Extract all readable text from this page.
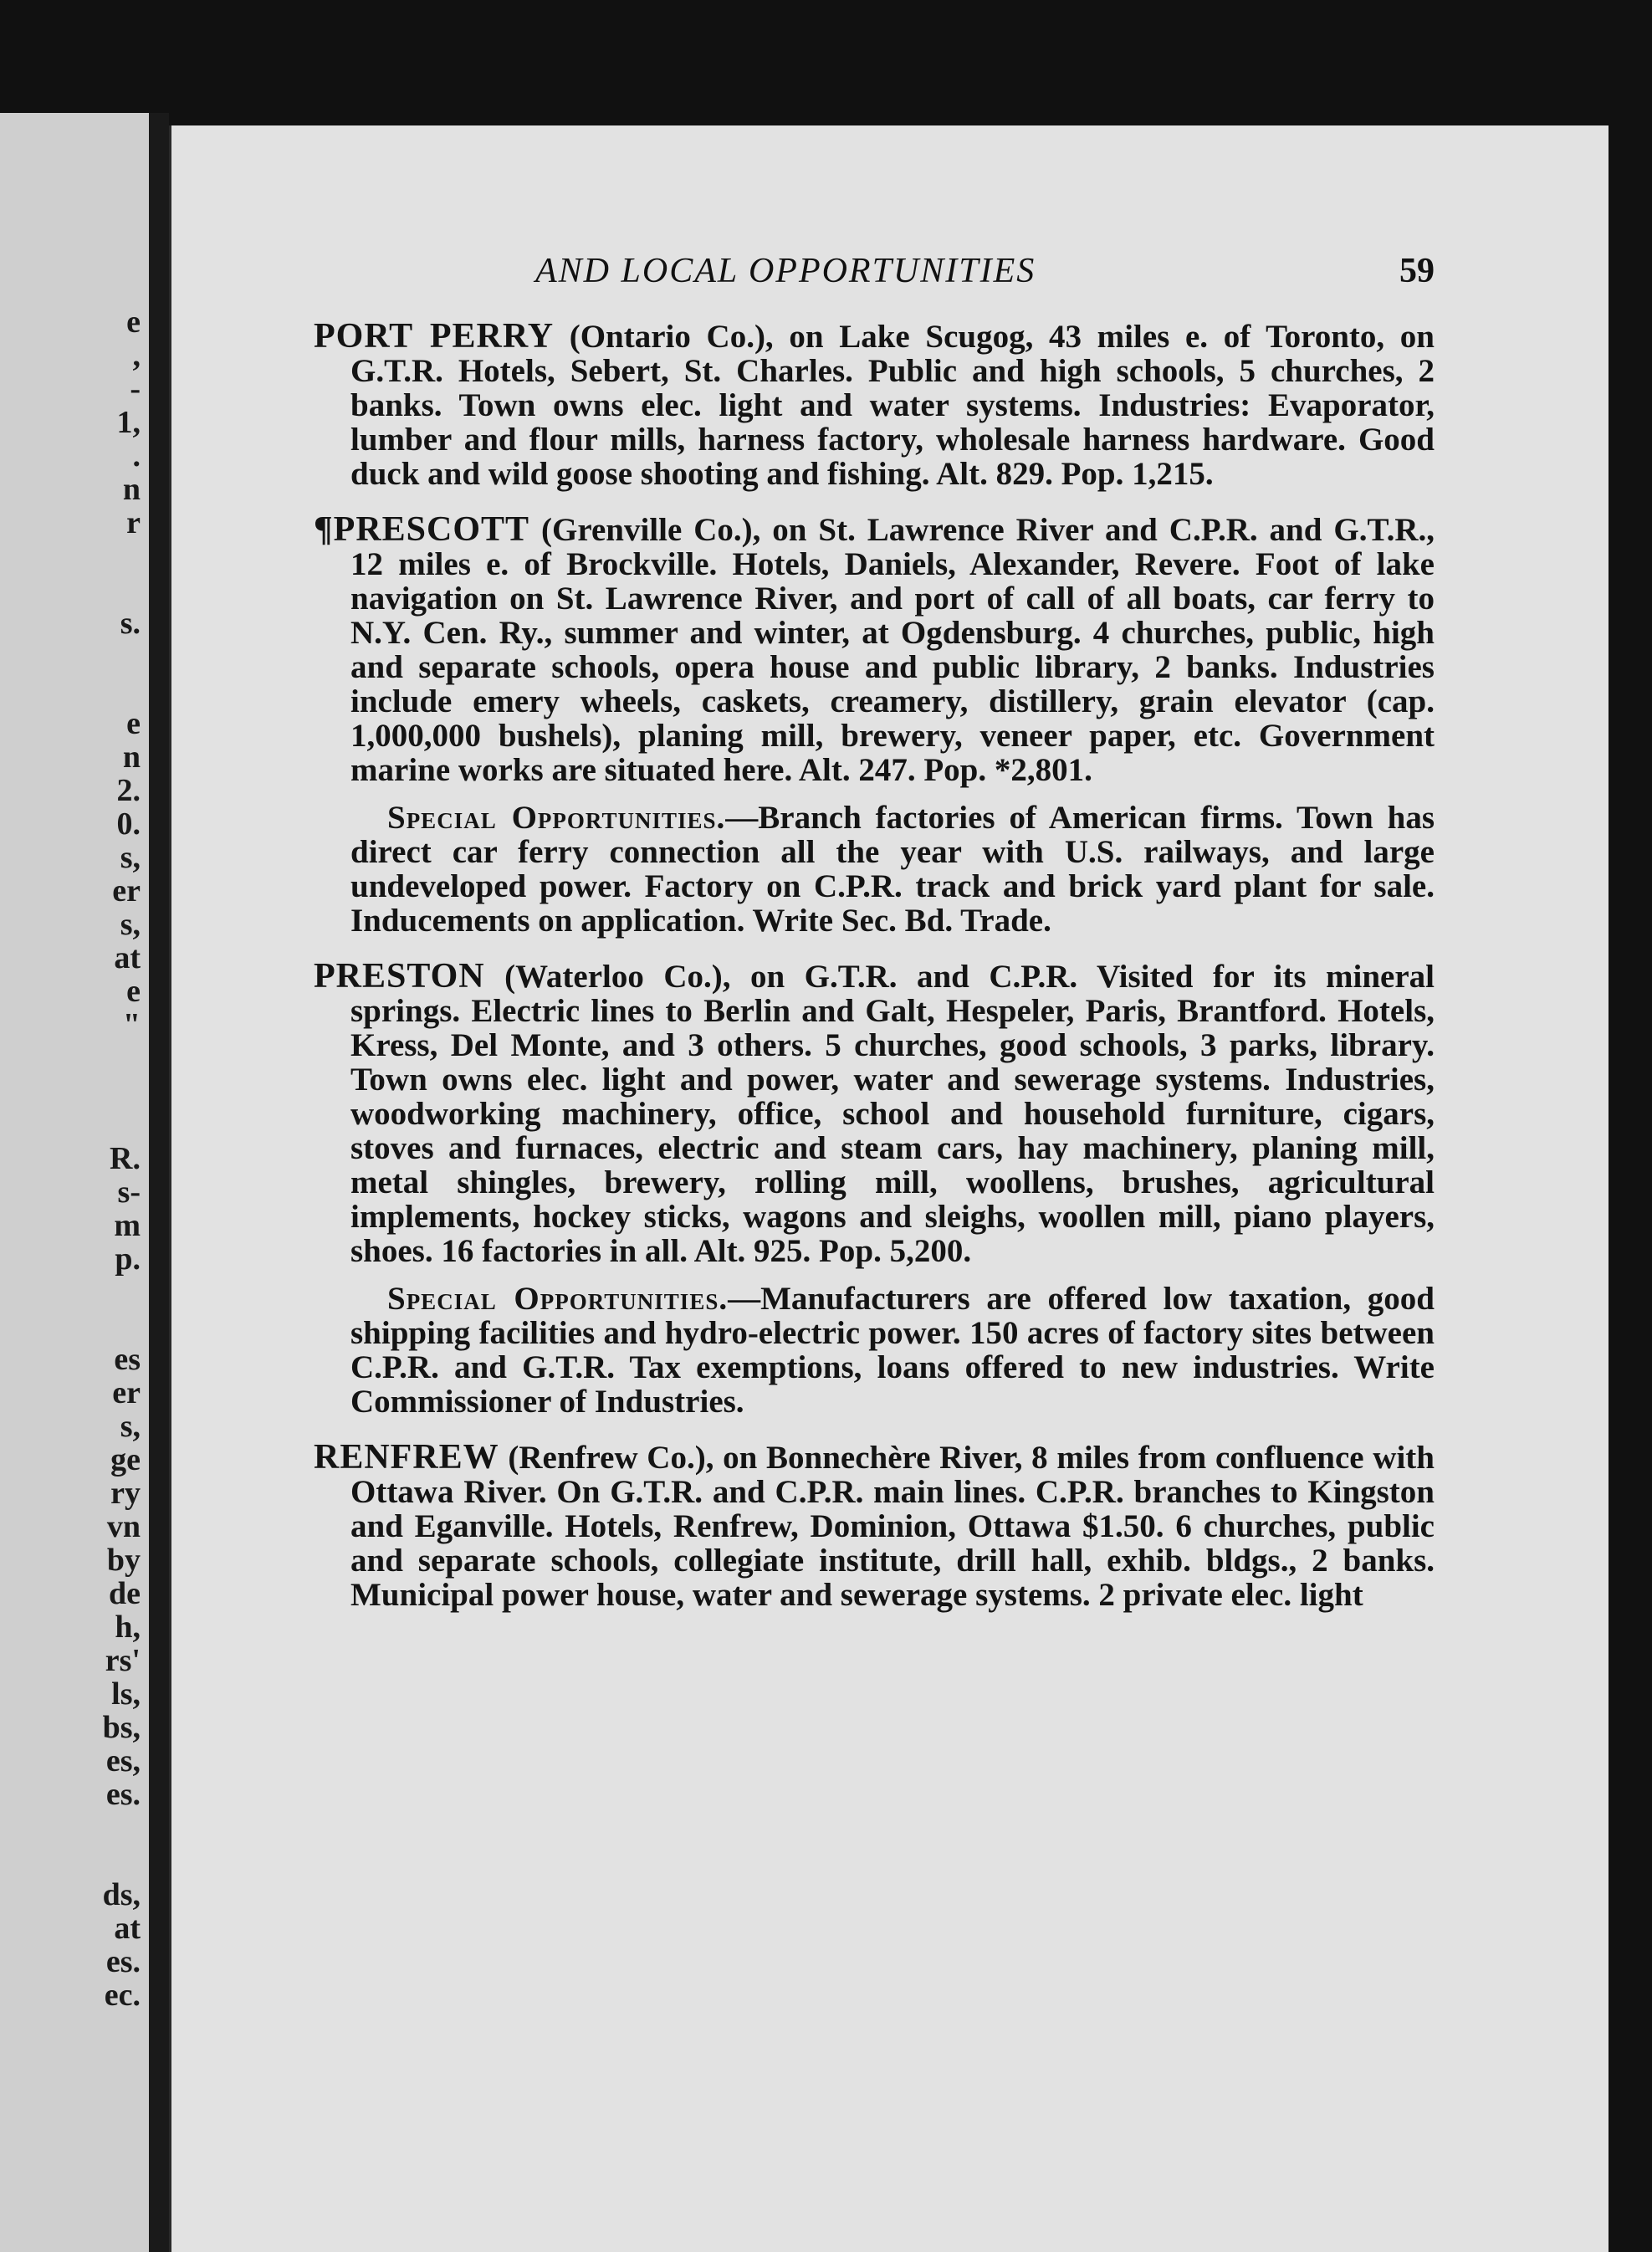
e
,
-
1,
.
n
r

s.

e
n
2.
0.
s,
er
s,
at
e
"

R.
s-
m
p.

es
er
s,
ge
ry
vn
by
de
h,
rs'
ls,
bs,
es,
es.

ds,
at
es.
ec.
AND LOCAL OPPORTUNITIES	59

PORT PERRY (Ontario Co.), on Lake Scugog, 43 miles e. of Toronto, on G.T.R. Hotels, Sebert, St. Charles. Public and high schools, 5 churches, 2 banks. Town owns elec. light and water systems. Industries: Evaporator, lumber and flour mills, harness factory, wholesale harness hardware. Good duck and wild goose shooting and fishing. Alt. 829. Pop. 1,215.

¶PRESCOTT (Grenville Co.), on St. Lawrence River and C.P.R. and G.T.R., 12 miles e. of Brockville. Hotels, Daniels, Alexander, Revere. Foot of lake navigation on St. Lawrence River, and port of call of all boats, car ferry to N.Y. Cen. Ry., summer and winter, at Ogdensburg. 4 churches, public, high and separate schools, opera house and public library, 2 banks. Industries include emery wheels, caskets, creamery, distillery, grain elevator (cap. 1,000,000 bushels), planing mill, brewery, veneer paper, etc. Government marine works are situated here. Alt. 247. Pop. *2,801.

Special Opportunities.—Branch factories of American firms. Town has direct car ferry connection all the year with U.S. railways, and large undeveloped power. Factory on C.P.R. track and brick yard plant for sale. Inducements on application. Write Sec. Bd. Trade.

PRESTON (Waterloo Co.), on G.T.R. and C.P.R. Visited for its mineral springs. Electric lines to Berlin and Galt, Hespeler, Paris, Brantford. Hotels, Kress, Del Monte, and 3 others. 5 churches, good schools, 3 parks, library. Town owns elec. light and power, water and sewerage systems. Industries, woodworking machinery, office, school and household furniture, cigars, stoves and furnaces, electric and steam cars, hay machinery, planing mill, metal shingles, brewery, rolling mill, woollens, brushes, agricultural implements, hockey sticks, wagons and sleighs, woollen mill, piano players, shoes. 16 factories in all. Alt. 925. Pop. 5,200.

Special Opportunities.—Manufacturers are offered low taxation, good shipping facilities and hydro-electric power. 150 acres of factory sites between C.P.R. and G.T.R. Tax exemptions, loans offered to new industries. Write Commissioner of Industries.

RENFREW (Renfrew Co.), on Bonnechère River, 8 miles from confluence with Ottawa River. On G.T.R. and C.P.R. main lines. C.P.R. branches to Kingston and Eganville. Hotels, Renfrew, Dominion, Ottawa $1.50. 6 churches, public and separate schools, collegiate institute, drill hall, exhib. bldgs., 2 banks. Municipal power house, water and sewerage systems. 2 private elec. light
